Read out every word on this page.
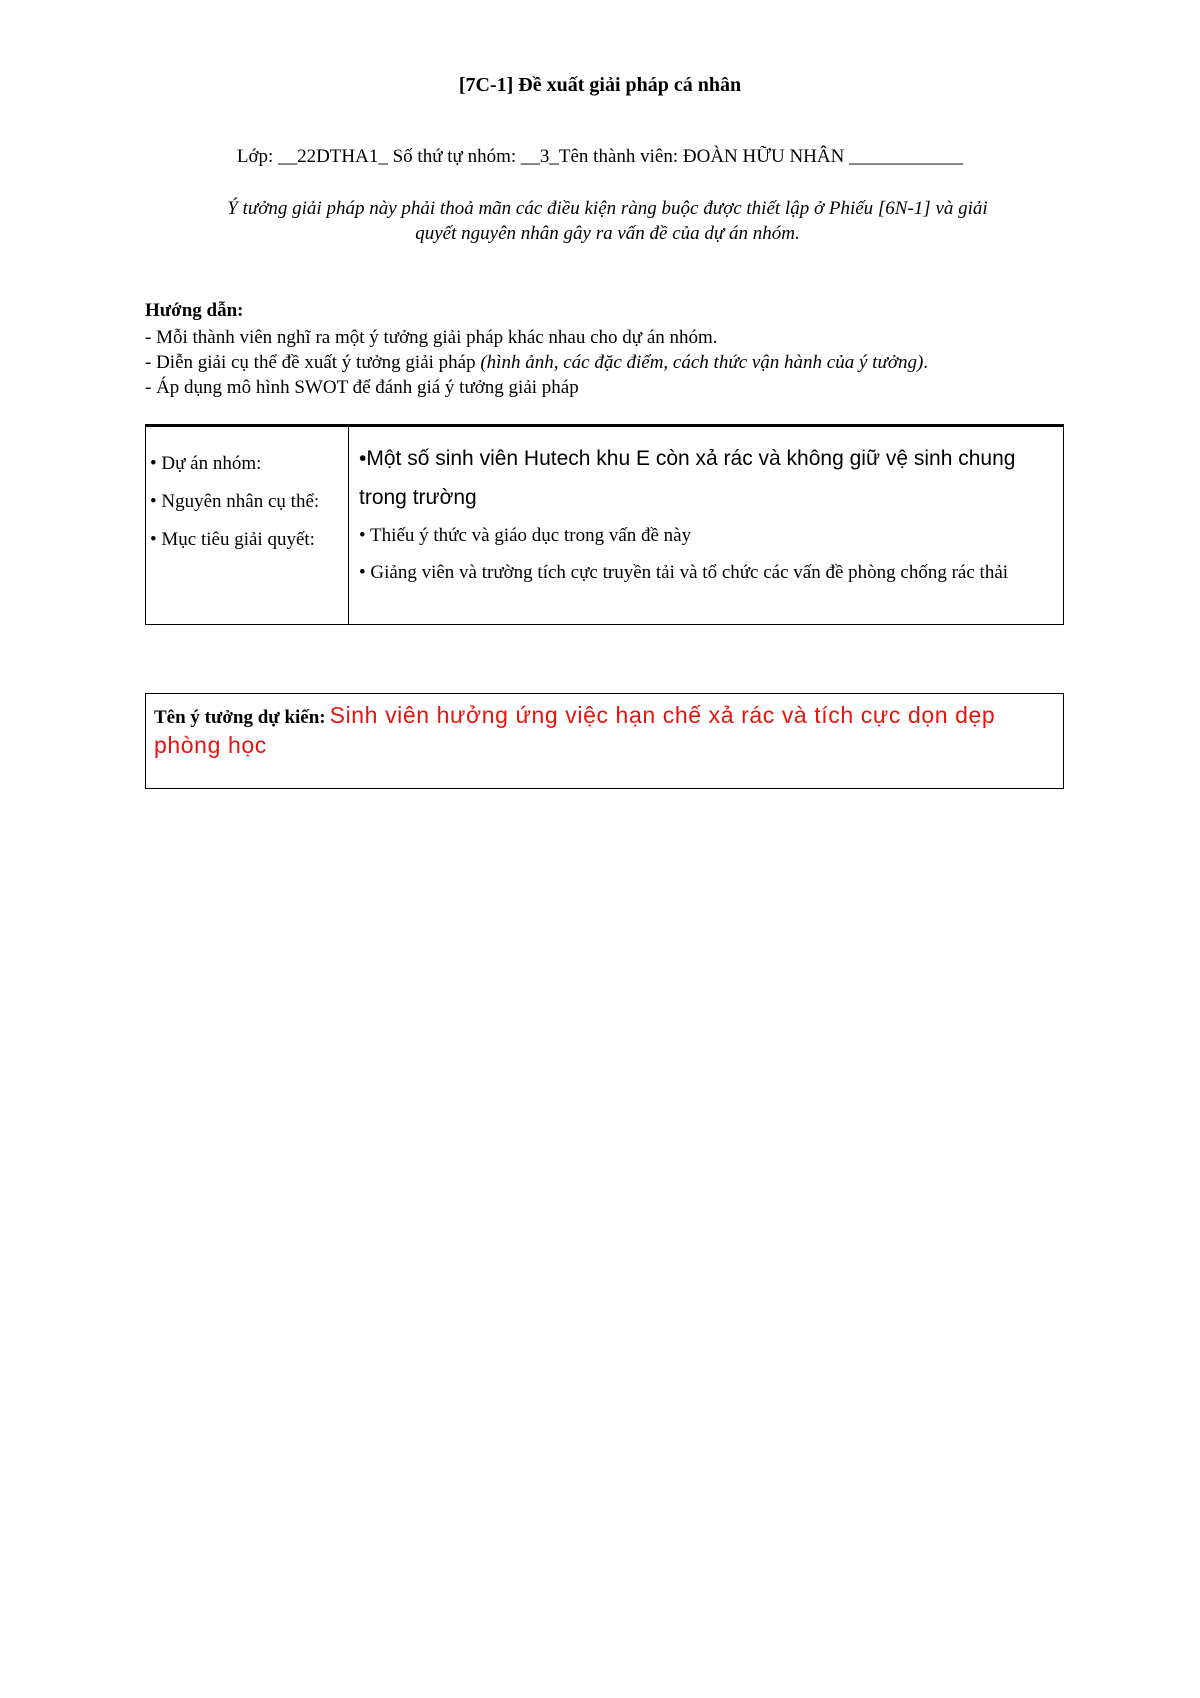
[7C-1] Đề xuất giải pháp cá nhân
Lớp: __22DTHA1_ Số thứ tự nhóm: __3_Tên thành viên: ĐOÀN HỮU NHÂN ____________
Ý tưởng giải pháp này phải thoả mãn các điều kiện ràng buộc được thiết lập ở Phiếu [6N-1] và giải
quyết nguyên nhân gây ra vấn đề của dự án nhóm.
Hướng dẫn:
- Mỗi thành viên nghĩ ra một ý tưởng giải pháp khác nhau cho dự án nhóm.
- Diễn giải cụ thể đề xuất ý tưởng giải pháp (hình ảnh, các đặc điểm, cách thức vận hành của ý tưởng).
- Áp dụng mô hình SWOT để đánh giá ý tưởng giải pháp
• Dự án nhóm:
• Nguyên nhân cụ thể:
• Mục tiêu giải quyết:
•Một số sinh viên Hutech khu E còn xả rác và không giữ vệ sinh chung trong trường
• Thiếu ý thức và giáo dục trong vấn đề này
• Giảng viên và trường tích cực truyền tải và tổ chức các vấn đề phòng chống rác thải
Tên ý tưởng dự kiến: Sinh viên hưởng ứng việc hạn chế xả rác và tích cực dọn dẹp phòng học
